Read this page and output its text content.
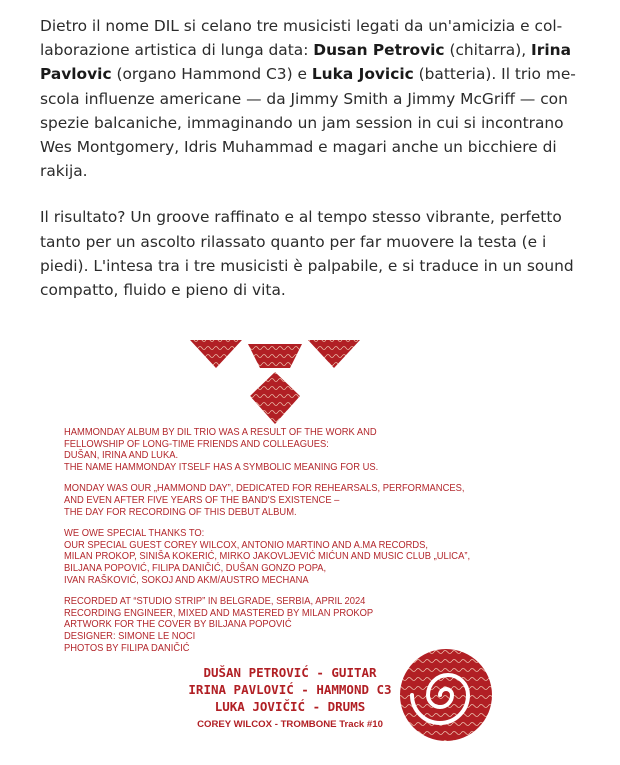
Dietro il nome DIL si celano tre musicisti legati da un'amicizia e col-
laborazione artistica di lunga data: Dusan Petrovic (chitarra), Irina
Pavlovic (organo Hammond C3) e Luka Jovicic (batteria). Il trio me-
scola influenze americane — da Jimmy Smith a Jimmy McGriff — con
spezie balcaniche, immaginando un jam session in cui si incontrano
Wes Montgomery, Idris Muhammad e magari anche un bicchiere di
rakija.

Il risultato? Un groove raffinato e al tempo stesso vibrante, perfetto
tanto per un ascolto rilassato quanto per far muovere la testa (e i
piedi). L'intesa tra i tre musicisti è palpabile, e si traduce in un sound
compatto, fluido e pieno di vita.

HAMMONDAY ALBUM BY DIL TRIO WAS A RESULT OF THE WORK AND
FELLOWSHIP OF LONG-TIME FRIENDS AND COLLEAGUES:
DUŠAN, IRINA AND LUKA.
THE NAME HAMMONDAY ITSELF HAS A SYMBOLIC MEANING FOR US.
MONDAY WAS OUR „HAMMOND DAY”, DEDICATED FOR REHEARSALS, PERFORMANCES,
AND EVEN AFTER FIVE YEARS OF THE BAND'S EXISTENCE –
THE DAY FOR RECORDING OF THIS DEBUT ALBUM.
WE OWE SPECIAL THANKS TO:
OUR SPECIAL GUEST COREY WILCOX, ANTONIO MARTINO AND A.MA RECORDS,
MILAN PROKOP, SINIŠA KOKERIĆ, MIRKO JAKOVLJEVIĆ MIĆUN AND MUSIC CLUB „ULICA”,
BILJANA POPOVIĆ, FILIPA DANIČIĆ, DUŠAN GONZO POPA,
IVAN RAŠKOVIĆ, SOKOJ AND AKM/AUSTRO MECHANA
RECORDED AT “STUDIO STRIP” IN BELGRADE, SERBIA, APRIL 2024
RECORDING ENGINEER, MIXED AND MASTERED BY MILAN PROKOP
ARTWORK FOR THE COVER BY BILJANA POPOVIĆ
DESIGNER: SIMONE LE NOCI
PHOTOS BY FILIPA DANIČIĆ
DUŠAN PETROVIĆ - GUITAR
IRINA PAVLOVIĆ - HAMMOND C3
LUKA JOVIČIĆ - DRUMS
COREY WILCOX - TROMBONE Track #10
